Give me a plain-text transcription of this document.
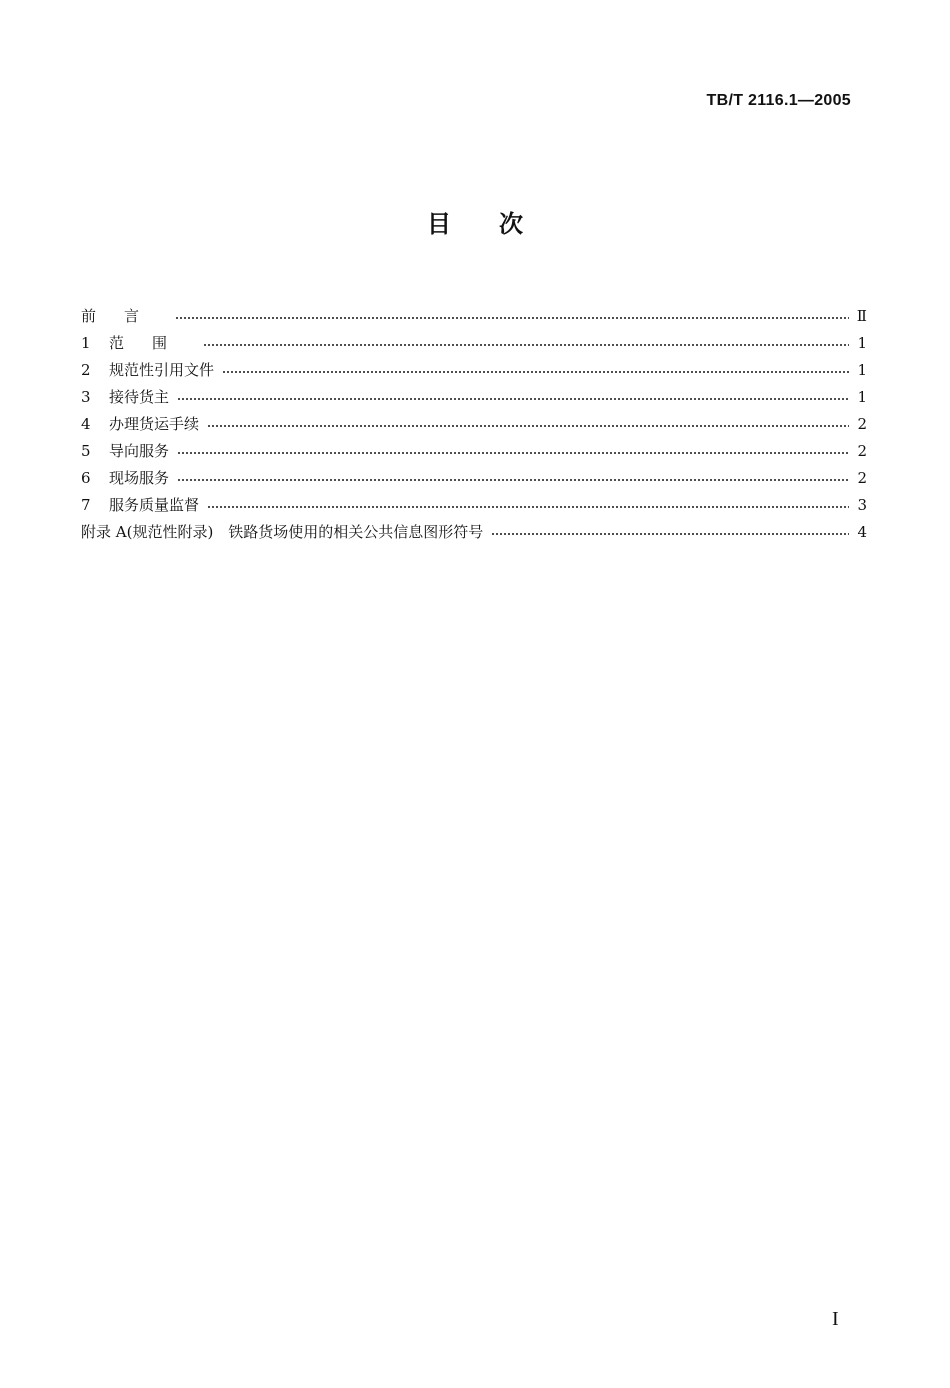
TB/T 2116.1—2005
目次
前言	Ⅱ
1	范围	1
2	规范性引用文件	1
3	接待货主	1
4	办理货运手续	2
5	导向服务	2
6	现场服务	2
7	服务质量监督	3
附录 A(规范性附录)　铁路货场使用的相关公共信息图形符号	4
I
